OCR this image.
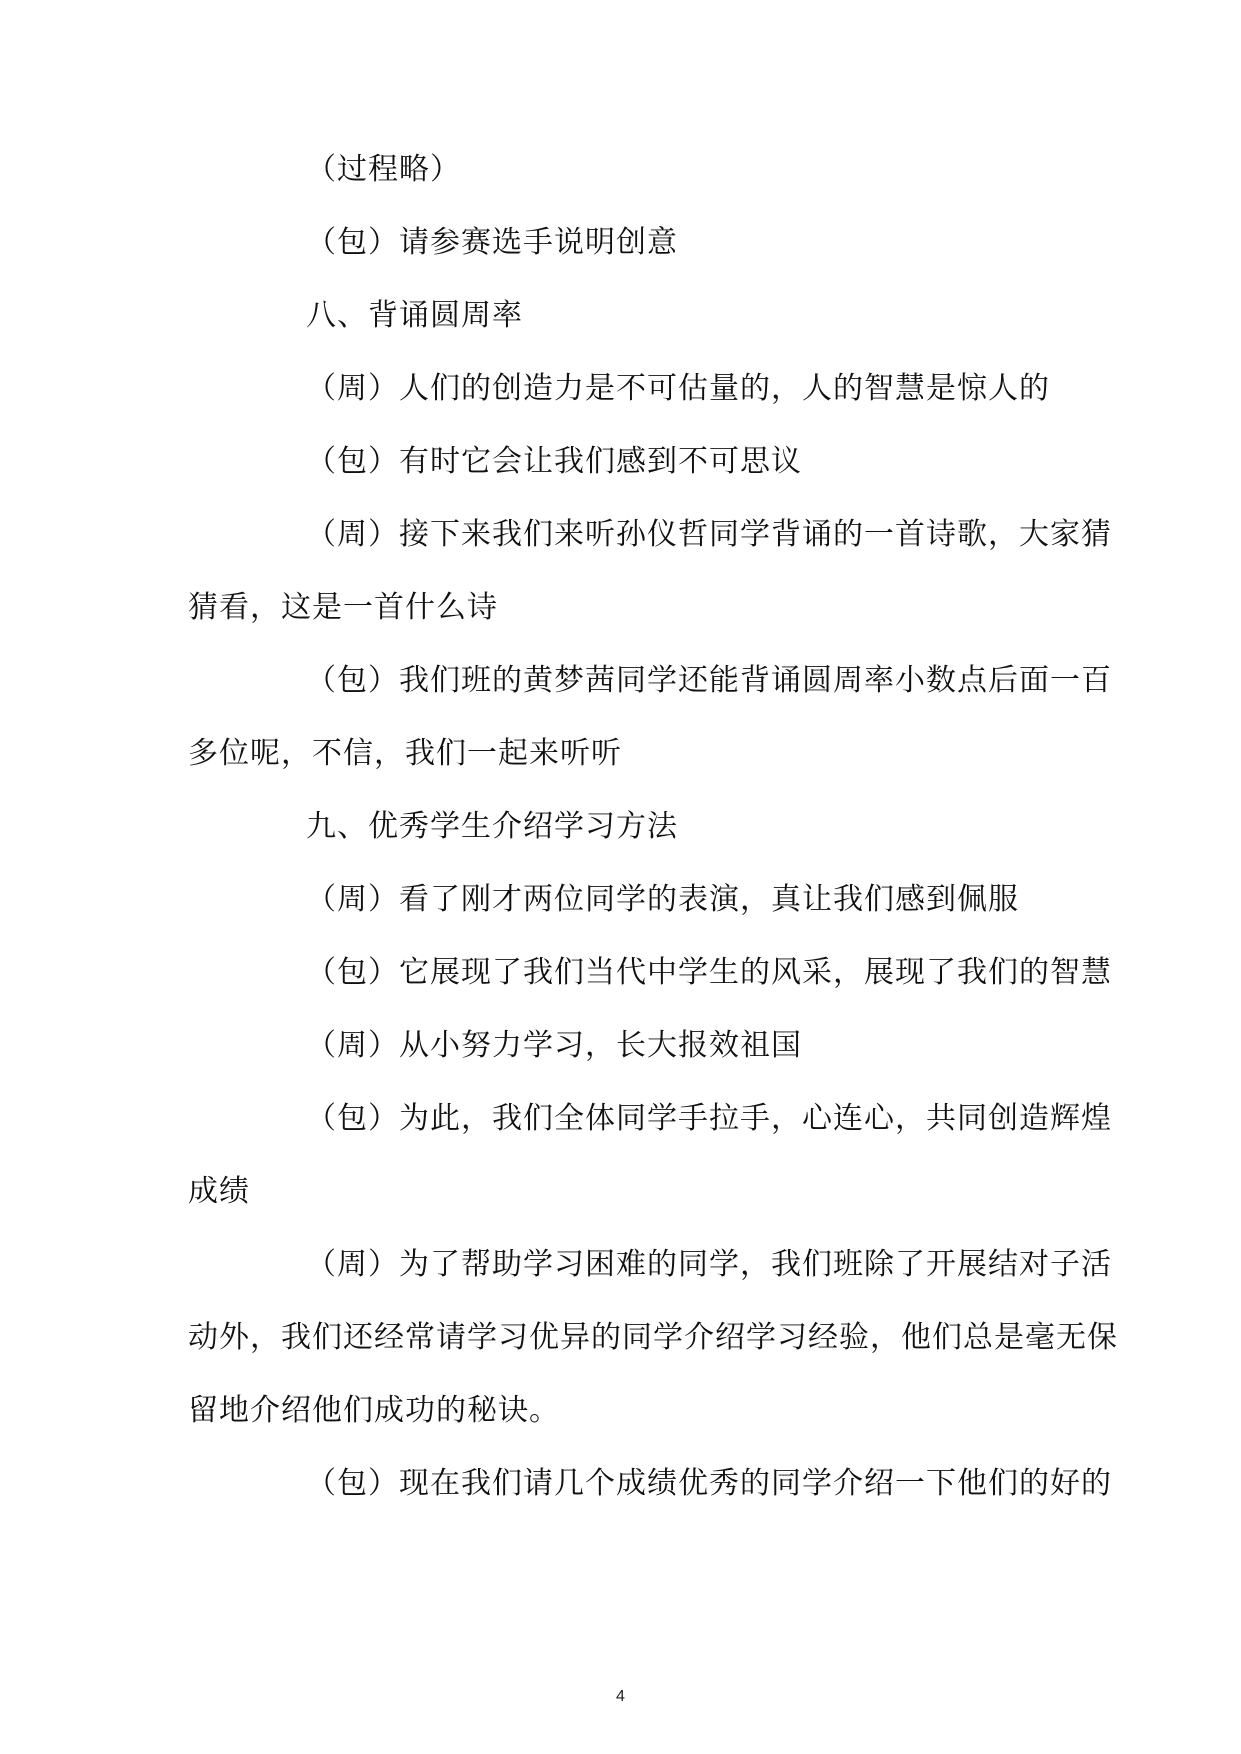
（过程略）
（包）请参赛选手说明创意
八、背诵圆周率
（周）人们的创造力是不可估量的，人的智慧是惊人的
（包）有时它会让我们感到不可思议
（周）接下来我们来听孙仪哲同学背诵的一首诗歌，大家猜
猜看，这是一首什么诗
（包）我们班的黄梦茜同学还能背诵圆周率小数点后面一百
多位呢，不信，我们一起来听听
九、优秀学生介绍学习方法
（周）看了刚才两位同学的表演，真让我们感到佩服
（包）它展现了我们当代中学生的风采，展现了我们的智慧
（周）从小努力学习，长大报效祖国
（包）为此，我们全体同学手拉手，心连心，共同创造辉煌
成绩
（周）为了帮助学习困难的同学，我们班除了开展结对子活
动外，我们还经常请学习优异的同学介绍学习经验，他们总是毫无保
留地介绍他们成功的秘诀。
（包）现在我们请几个成绩优秀的同学介绍一下他们的好的
4
